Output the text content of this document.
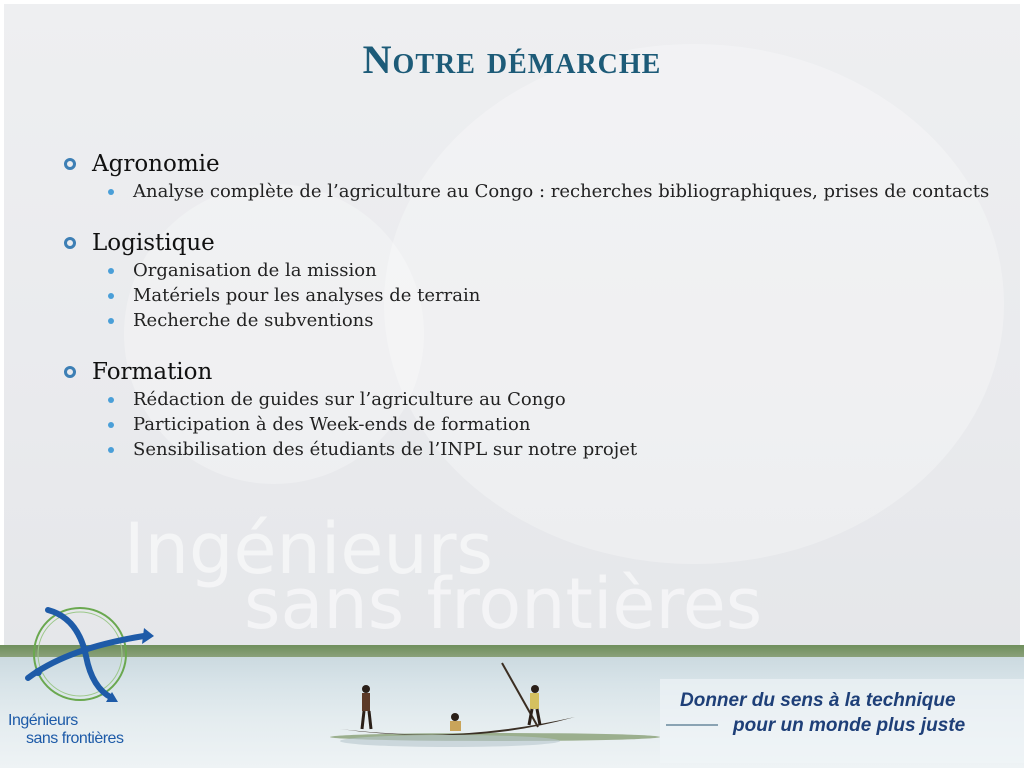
Ingénieurs
sans frontières
Notre démarche
Agronomie
Analyse complète de l’agriculture au Congo : recherches bibliographiques, prises de contacts
Logistique
Organisation de la mission
Matériels pour les analyses de terrain
Recherche de subventions
Formation
Rédaction de guides sur l’agriculture au Congo
Participation à des Week-ends de formation
Sensibilisation des étudiants de l’INPL sur notre projet
Donner du sens à la technique
pour un monde plus juste
Ingénieurs
sans frontières
